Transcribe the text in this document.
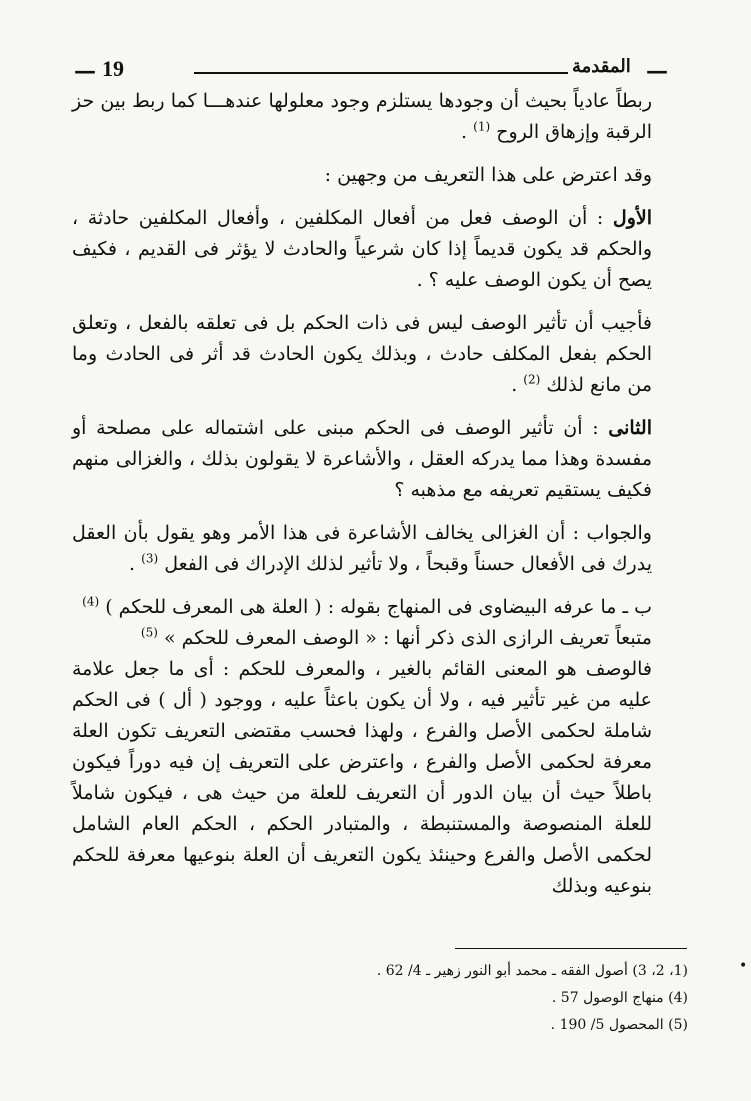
— 19	المقدمة —

ربطاً عادياً بحيث أن وجودها يستلزم وجود معلولها عندهـــا كما ربط بين حز الرقبة وإزهاق الروح $^{(1)}$ .

وقد اعترض على هذا التعريف من وجهين :

الأول : أن الوصف فعل من أفعال المكلفين ، وأفعال المكلفين حادثة ، والحكم قد يكون قديماً إذا كان شرعياً والحادث لا يؤثر فى القديم ، فكيف يصح أن يكون الوصف عليه ؟ .

فأجيب أن تأثير الوصف ليس فى ذات الحكم بل فى تعلقه بالفعل ، وتعلق الحكم بفعل المكلف حادث ، وبذلك يكون الحادث قد أثر فى الحادث وما من مانع لذلك $^{(2)}$ .

الثانى : أن تأثير الوصف فى الحكم مبنى على اشتماله على مصلحة أو مفسدة وهذا مما يدركه العقل ، والأشاعرة لا يقولون بذلك ، والغزالى منهم فكيف يستقيم تعريفه مع مذهبه ؟

والجواب : أن الغزالى يخالف الأشاعرة فى هذا الأمر وهو يقول بأن العقل يدرك فى الأفعال حسناً وقبحاً ، ولا تأثير لذلك الإدراك فى الفعل $^{(3)}$ .

ب ـ ما عرفه البيضاوى فى المنهاج بقوله : ( العلة هى المعرف للحكم ) $^{(4)}$

متبعاً تعريف الرازى الذى ذكر أنها : « الوصف المعرف للحكم » $^{(5)}$

فالوصف هو المعنى القائم بالغير ، والمعرف للحكم : أى ما جعل علامة عليه من غير تأثير فيه ، ولا أن يكون باعثاً عليه ، ووجود ( أل ) فى الحكم شاملة لحكمى الأصل والفرع ، ولهذا فحسب مقتضى التعريف تكون العلة معرفة لحكمى الأصل والفرع ، واعترض على التعريف إن فيه دوراً فيكون باطلاً حيث أن بيان الدور أن التعريف للعلة من حيث هى ، فيكون شاملاً للعلة المنصوصة والمستنبطة ، والمتبادر الحكم ، الحكم العام الشامل لحكمى الأصل والفرع وحينئذ يكون التعريف أن العلة بنوعيها معرفة للحكم بنوعيه وبذلك

(1، 2، 3) أصول الفقه ـ محمد أبو النور زهير ـ 4/ 62 .

(4) منهاج الوصول 57 .

(5) المحصول 5/ 190 .

•
